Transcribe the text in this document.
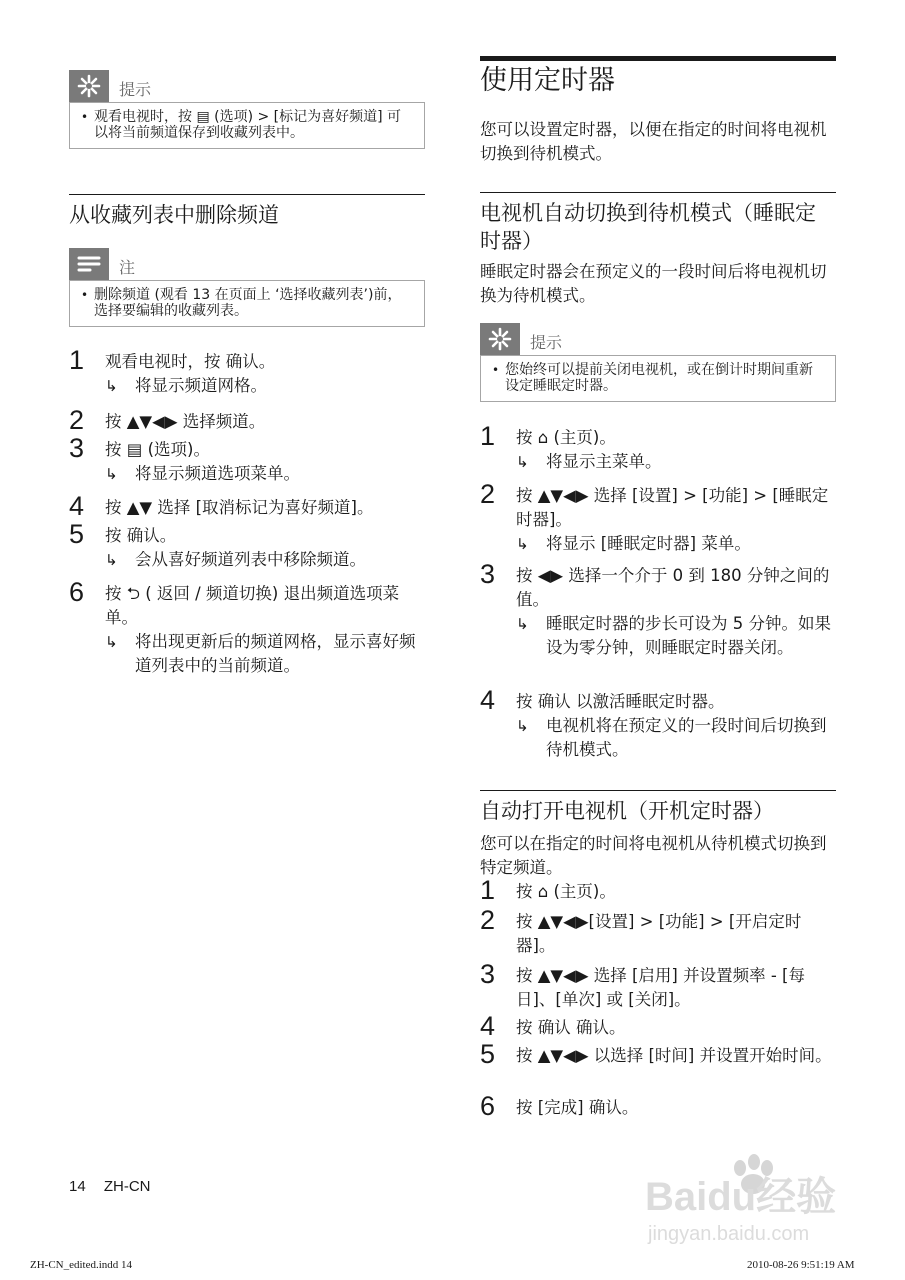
提示
• 观看电视时，按 ▤ (选项) > [标记为喜好频道] 可以将当前频道保存到收藏列表中。
从收藏列表中删除频道
注
• 删除频道 (观看 13 在页面上 ‘选择收藏列表’)前，选择要编辑的收藏列表。
1 观看电视时，按 确认。
↳ 将显示频道网格。
2 按 ▲▼◀▶ 选择频道。
3 按 ▤ (选项)。
↳ 将显示频道选项菜单。
4 按 ▲▼ 选择 [取消标记为喜好频道]。
5 按 确认。
↳ 会从喜好频道列表中移除频道。
6 按 ⮌ ( 返回 / 频道切换) 退出频道选项菜单。
↳ 将出现更新后的频道网格，显示喜好频道列表中的当前频道。
使用定时器
您可以设置定时器，以便在指定的时间将电视机切换到待机模式。
电视机自动切换到待机模式（睡眠定时器）
睡眠定时器会在预定义的一段时间后将电视机切换为待机模式。
提示
• 您始终可以提前关闭电视机，或在倒计时期间重新设定睡眠定时器。
1 按 ⌂ (主页)。
↳ 将显示主菜单。
2 按 ▲▼◀▶ 选择 [设置] > [功能] > [睡眠定时器]。
↳ 将显示 [睡眠定时器] 菜单。
3 按 ◀▶ 选择一个介于 0 到 180 分钟之间的值。
↳ 睡眠定时器的步长可设为 5 分钟。如果设为零分钟，则睡眠定时器关闭。
4 按 确认 以激活睡眠定时器。
↳ 电视机将在预定义的一段时间后切换到待机模式。
自动打开电视机（开机定时器）
您可以在指定的时间将电视机从待机模式切换到特定频道。
1 按 ⌂ (主页)。
2 按 ▲▼◀▶[设置] > [功能] > [开启定时器]。
3 按 ▲▼◀▶ 选择 [启用] 并设置频率 - [每日]、[单次] 或 [关闭]。
4 按 确认 确认。
5 按 ▲▼◀▶ 以选择 [时间] 并设置开始时间。
6 按 [完成] 确认。
14 ZH-CN
ZH-CN_edited.indd 14	2010-08-26 9:51:19 AM
Baidu经验
jingyan.baidu.com
